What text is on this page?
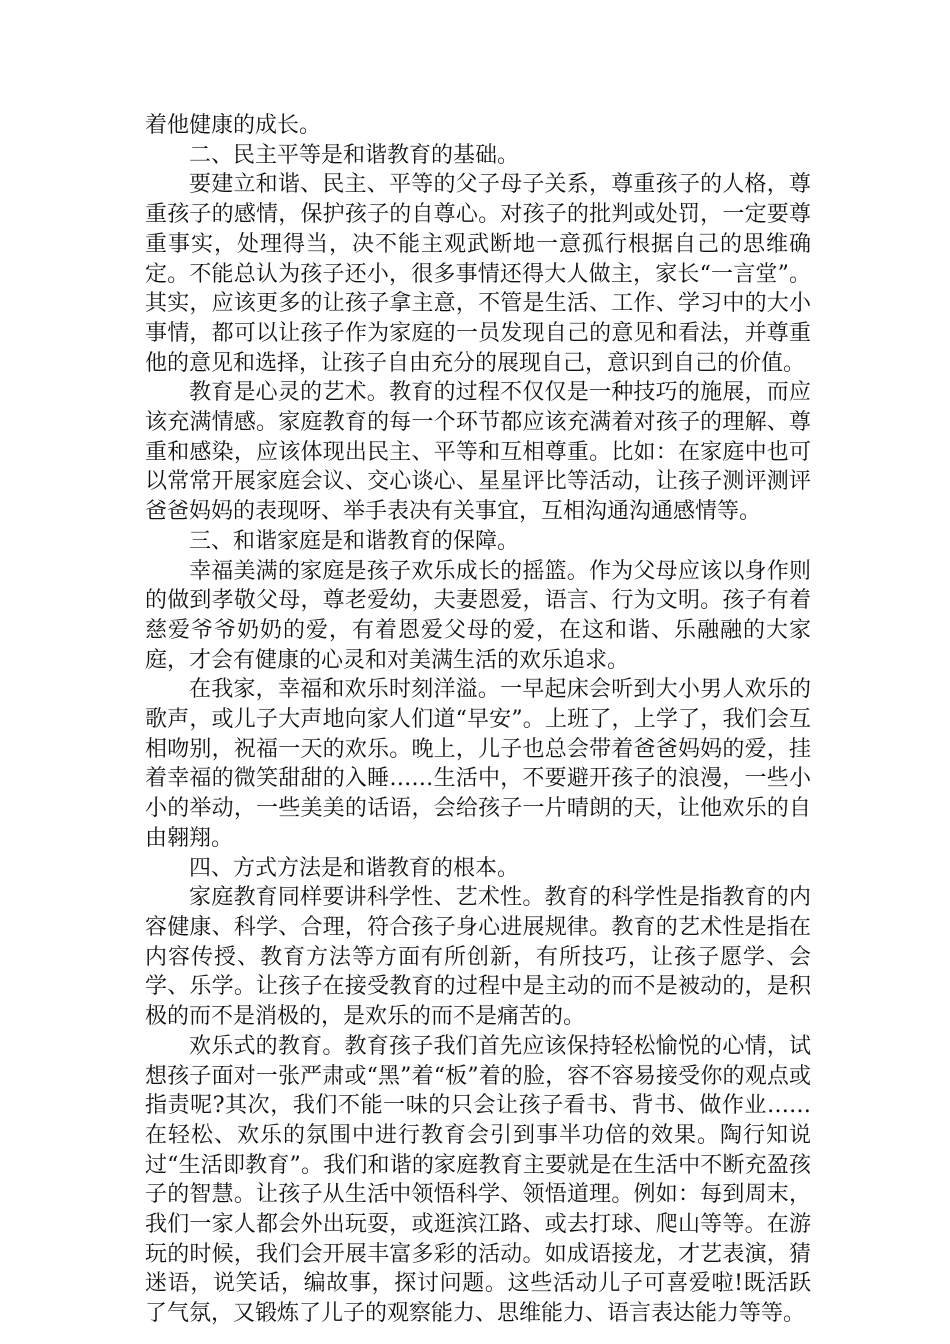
着他健康的成长。

二、民主平等是和谐教育的基础。

要建立和谐、民主、平等的父子母子关系，尊重孩子的人格，尊重孩子的感情，保护孩子的自尊心。对孩子的批判或处罚，一定要尊重事实，处理得当，决不能主观武断地一意孤行根据自己的思维确定。不能总认为孩子还小，很多事情还得大人做主，家长“一言堂”。其实，应该更多的让孩子拿主意，不管是生活、工作、学习中的大小事情，都可以让孩子作为家庭的一员发现自己的意见和看法，并尊重他的意见和选择，让孩子自由充分的展现自己，意识到自己的价值。

教育是心灵的艺术。教育的过程不仅仅是一种技巧的施展，而应该充满情感。家庭教育的每一个环节都应该充满着对孩子的理解、尊重和感染，应该体现出民主、平等和互相尊重。比如：在家庭中也可以常常开展家庭会议、交心谈心、星星评比等活动，让孩子测评测评爸爸妈妈的表现呀、举手表决有关事宜，互相沟通沟通感情等。

三、和谐家庭是和谐教育的保障。

幸福美满的家庭是孩子欢乐成长的摇篮。作为父母应该以身作则的做到孝敬父母，尊老爱幼，夫妻恩爱，语言、行为文明。孩子有着慈爱爷爷奶奶的爱，有着恩爱父母的爱，在这和谐、乐融融的大家庭，才会有健康的心灵和对美满生活的欢乐追求。

在我家，幸福和欢乐时刻洋溢。一早起床会听到大小男人欢乐的歌声，或儿子大声地向家人们道“早安”。上班了，上学了，我们会互相吻别，祝福一天的欢乐。晚上，儿子也总会带着爸爸妈妈的爱，挂着幸福的微笑甜甜的入睡……生活中，不要避开孩子的浪漫，一些小小的举动，一些美美的话语，会给孩子一片晴朗的天，让他欢乐的自由翱翔。

四、方式方法是和谐教育的根本。

家庭教育同样要讲科学性、艺术性。教育的科学性是指教育的内容健康、科学、合理，符合孩子身心进展规律。教育的艺术性是指在内容传授、教育方法等方面有所创新，有所技巧，让孩子愿学、会学、乐学。让孩子在接受教育的过程中是主动的而不是被动的，是积极的而不是消极的，是欢乐的而不是痛苦的。

欢乐式的教育。教育孩子我们首先应该保持轻松愉悦的心情，试想孩子面对一张严肃或“黑”着“板”着的脸，容不容易接受你的观点或指责呢?其次，我们不能一味的只会让孩子看书、背书、做作业……在轻松、欢乐的氛围中进行教育会引到事半功倍的效果。陶行知说过“生活即教育”。我们和谐的家庭教育主要就是在生活中不断充盈孩子的智慧。让孩子从生活中领悟科学、领悟道理。例如：每到周末，我们一家人都会外出玩耍，或逛滨江路、或去打球、爬山等等。在游玩的时候，我们会开展丰富多彩的活动。如成语接龙，才艺表演，猜迷语，说笑话，编故事，探讨问题。这些活动儿子可喜爱啦!既活跃了气氛，又锻炼了儿子的观察能力、思维能力、语言表达能力等等。
